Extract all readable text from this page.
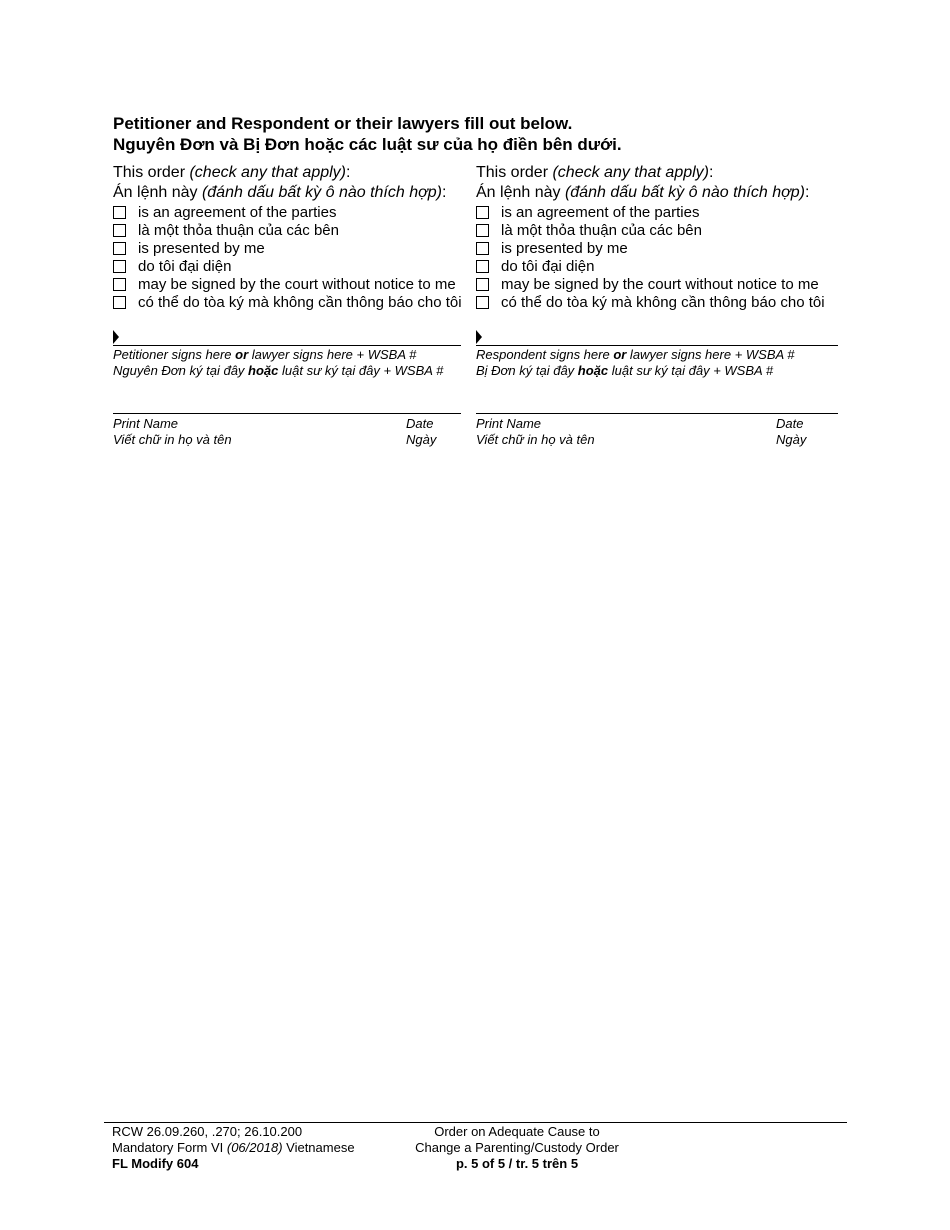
Petitioner and Respondent or their lawyers fill out below.
Nguyên Đơn và Bị Đơn hoặc các luật sư của họ điền bên dưới.
This order (check any that apply):
Án lệnh này (đánh dấu bất kỳ ô nào thích hợp):
is an agreement of the parties
là một thỏa thuận của các bên
is presented by me
do tôi đại diện
may be signed by the court without notice to me
có thể do tòa ký mà không cần thông báo cho tôi
This order (check any that apply):
Án lệnh này (đánh dấu bất kỳ ô nào thích hợp):
is an agreement of the parties
là một thỏa thuận của các bên
is presented by me
do tôi đại diện
may be signed by the court without notice to me
có thể do tòa ký mà không cần thông báo cho tôi
Petitioner signs here or lawyer signs here + WSBA #
Nguyên Đơn ký tại đây hoặc luật sư ký tại đây + WSBA #
Respondent signs here or lawyer signs here + WSBA #
Bị Đơn ký tại đây hoặc luật sư ký tại đây + WSBA #
Print Name
Viết chữ in họ và tên
Date
Ngày
Print Name
Viết chữ in họ và tên
Date
Ngày
RCW 26.09.260, .270; 26.10.200
Mandatory Form VI (06/2018) Vietnamese
FL Modify 604
Order on Adequate Cause to
Change a Parenting/Custody Order
p. 5 of 5 / tr. 5 trên 5
